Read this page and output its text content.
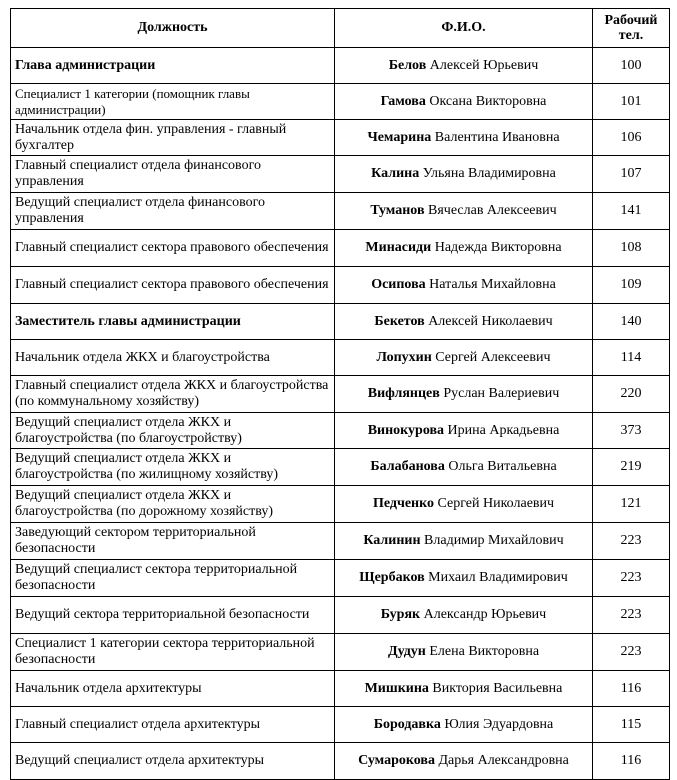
Должность	Ф.И.О.	Рабочий тел.
Глава администрации	Белов Алексей Юрьевич	100
Специалист 1 категории (помощник главы администрации)	Гамова Оксана Викторовна	101
Начальник отдела фин. управления - главный бухгалтер	Чемарина Валентина Ивановна	106
Главный специалист отдела финансового управления	Калина Ульяна Владимировна	107
Ведущий специалист отдела финансового управления	Туманов Вячеслав Алексеевич	141
Главный специалист сектора правового обеспечения	Минасиди Надежда Викторовна	108
Главный специалист сектора правового обеспечения	Осипова Наталья Михайловна	109
Заместитель главы администрации	Бекетов Алексей Николаевич	140
Начальник отдела ЖКХ и благоустройства	Лопухин Сергей Алексеевич	114
Главный специалист отдела ЖКХ и благоустройства (по коммунальному хозяйству)	Вифлянцев Руслан Валериевич	220
Ведущий специалист отдела ЖКХ и благоустройства (по благоустройству)	Винокурова Ирина Аркадьевна	373
Ведущий специалист отдела ЖКХ и благоустройства (по жилищному хозяйству)	Балабанова Ольга Витальевна	219
Ведущий специалист отдела ЖКХ и благоустройства (по дорожному хозяйству)	Педченко Сергей Николаевич	121
Заведующий сектором территориальной безопасности	Калинин Владимир Михайлович	223
Ведущий специалист сектора территориальной безопасности	Щербаков Михаил Владимирович	223
Ведущий сектора территориальной безопасности	Буряк Александр Юрьевич	223
Специалист 1 категории сектора территориальной безопасности	Дудун Елена Викторовна	223
Начальник отдела архитектуры	Мишкина Виктория Васильевна	116
Главный специалист отдела архитектуры	Бородавка Юлия Эдуардовна	115
Ведущий специалист отдела архитектуры	Сумарокова Дарья Александровна	116
